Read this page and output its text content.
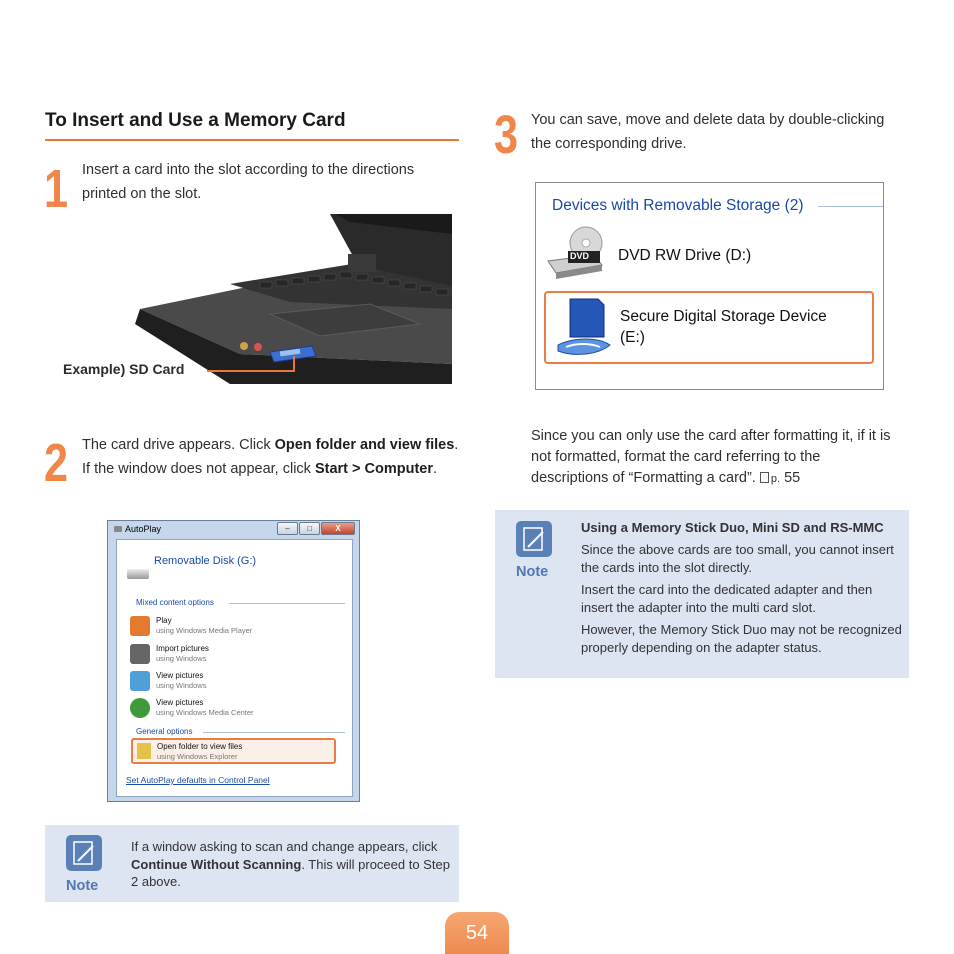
To Insert and Use a Memory Card
1 Insert a card into the slot according to the directions printed on the slot.
Example) SD Card
2 The card drive appears. Click Open folder and view files. If the window does not appear, click Start > Computer.
AutoPlay	–	□	X
Removable Disk (G:)
Mixed content options
Play
using Windows Media Player
Import pictures
using Windows
View pictures
using Windows
View pictures
using Windows Media Center
General options
Open folder to view files
using Windows Explorer
Set AutoPlay defaults in Control Panel
Note
If a window asking to scan and change appears, click Continue Without Scanning. This will proceed to Step 2 above.
3 You can save, move and delete data by double-clicking the corresponding drive.
Devices with Removable Storage (2)
DVD DVD RW Drive (D:)
Secure Digital Storage Device
(E:)
Since you can only use the card after formatting it, if it is not formatted, format the card referring to the descriptions of “Formatting a card”. p. 55
Note
Using a Memory Stick Duo, Mini SD and RS-MMC
Since the above cards are too small, you cannot insert the cards into the slot directly.
Insert the card into the dedicated adapter and then insert the adapter into the multi card slot.
However, the Memory Stick Duo may not be recognized properly depending on the adapter status.
54
